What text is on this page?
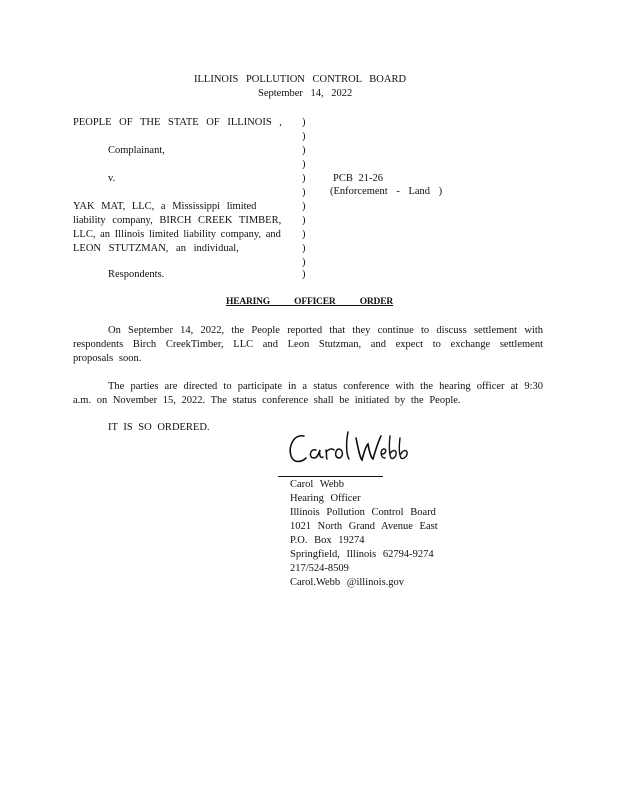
ILLINOIS POLLUTION CONTROL BOARD
September 14, 2022
PEOPLE OF THE STATE OF ILLINOIS ,
Complainant,
v.
YAK MAT, LLC, a Mississippi limited
liability company, BIRCH CREEK TIMBER,
LLC, an Illinois limited liability company, and
LEON STUTZMAN, an individual,
Respondents.
)
)
)
)
)
)
)
)
)
)
)
)
PCB 21-26
(Enforcement - Land )
HEARING OFFICER ORDER
On September 14, 2022, the People reported that they continue to discuss settlement with respondents Birch CreekTimber, LLC and Leon Stutzman, and expect to exchange settlement proposals soon.
The parties are directed to participate in a status conference with the hearing officer at 9:30 a.m. on November 15, 2022. The status conference shall be initiated by the People.
IT IS SO ORDERED.
Carol Webb
Hearing Officer
Illinois Pollution Control Board
1021 North Grand Avenue East
P.O. Box 19274
Springfield, Illinois 62794-9274
217/524-8509
Carol.Webb @illinois.gov
